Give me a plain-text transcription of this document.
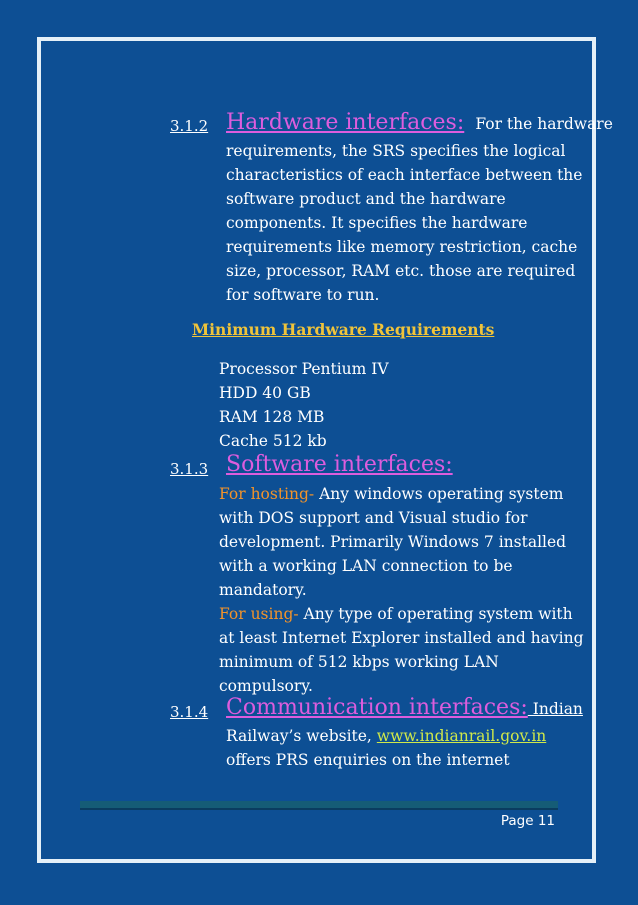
3.1.2 Hardware interfaces: For the hardware
requirements, the SRS specifies the logical
characteristics of each interface between the
software product and the hardware
components. It specifies the hardware
requirements like memory restriction, cache
size, processor, RAM etc. those are required
for software to run.
Minimum Hardware Requirements
Processor Pentium IV
HDD 40 GB
RAM 128 MB
Cache 512 kb
3.1.3 Software interfaces:
For hosting- Any windows operating system
with DOS support and Visual studio for
development. Primarily Windows 7 installed
with a working LAN connection to be
mandatory.
For using- Any type of operating system with
at least Internet Explorer installed and having
minimum of 512 kbps working LAN
compulsory.
3.1.4 Communication interfaces: Indian
Railway’s website, www.indianrail.gov.in
offers PRS enquiries on the internet
Page 11
